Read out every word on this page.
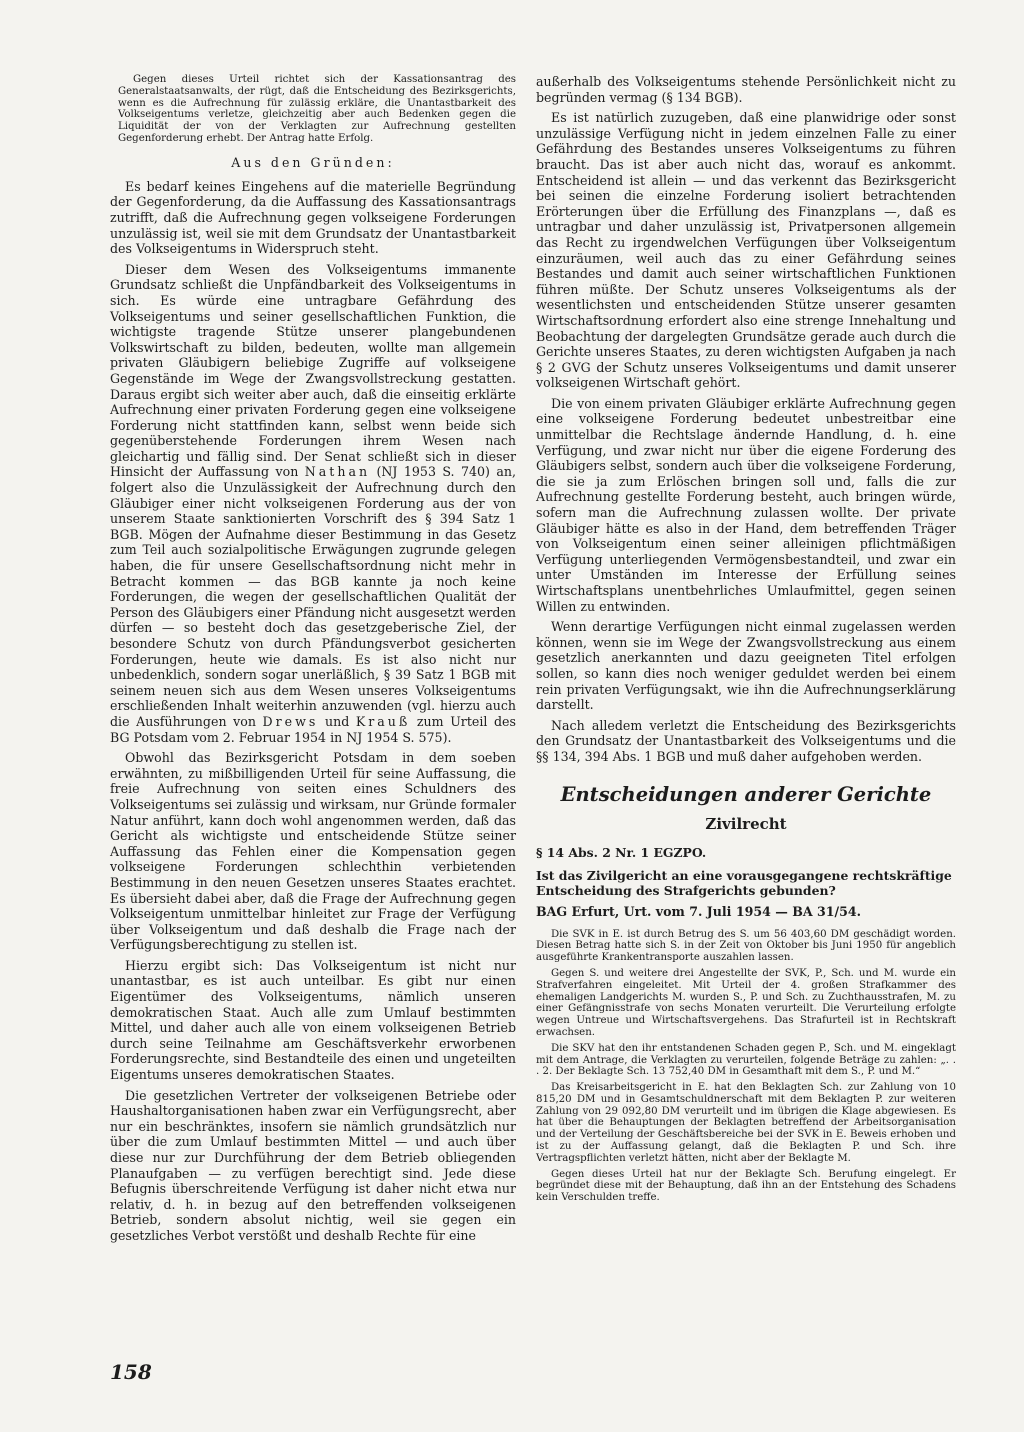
Gegen dieses Urteil richtet sich der Kassationsantrag des Generalstaatsanwalts, der rügt, daß die Entscheidung des Bezirksgerichts, wenn es die Aufrechnung für zulässig erkläre, die Unantastbarkeit des Volkseigentums verletze, gleichzeitig aber auch Bedenken gegen die Liquidität der von der Verklagten zur Aufrechnung gestellten Gegenforderung erhebt. Der Antrag hatte Erfolg.

Aus den Gründen:

Es bedarf keines Eingehens auf die materielle Begründung der Gegenforderung, da die Auffassung des Kassationsantrags zutrifft, daß die Aufrechnung gegen volkseigene Forderungen unzulässig ist, weil sie mit dem Grundsatz der Unantastbarkeit des Volkseigentums in Widerspruch steht.

Dieser dem Wesen des Volkseigentums immanente Grundsatz schließt die Unpfändbarkeit des Volkseigentums in sich. Es würde eine untragbare Gefährdung des Volkseigentums und seiner gesellschaftlichen Funktion, die wichtigste tragende Stütze unserer plangebundenen Volkswirtschaft zu bilden, bedeuten, wollte man allgemein privaten Gläubigern beliebige Zugriffe auf volkseigene Gegenstände im Wege der Zwangsvollstreckung gestatten. Daraus ergibt sich weiter aber auch, daß die einseitig erklärte Aufrechnung einer privaten Forderung gegen eine volkseigene Forderung nicht stattfinden kann, selbst wenn beide sich gegenüberstehende Forderungen ihrem Wesen nach gleichartig und fällig sind. Der Senat schließt sich in dieser Hinsicht der Auffassung von Nathan (NJ 1953 S. 740) an, folgert also die Unzulässigkeit der Aufrechnung durch den Gläubiger einer nicht volkseigenen Forderung aus der von unserem Staate sanktionierten Vorschrift des § 394 Satz 1 BGB. Mögen der Aufnahme dieser Bestimmung in das Gesetz zum Teil auch sozialpolitische Erwägungen zugrunde gelegen haben, die für unsere Gesellschaftsordnung nicht mehr in Betracht kommen — das BGB kannte ja noch keine Forderungen, die wegen der gesellschaftlichen Qualität der Person des Gläubigers einer Pfändung nicht ausgesetzt werden dürfen — so besteht doch das gesetzgeberische Ziel, der besondere Schutz von durch Pfändungsverbot gesicherten Forderungen, heute wie damals. Es ist also nicht nur unbedenklich, sondern sogar unerläßlich, § 39 Satz 1 BGB mit seinem neuen sich aus dem Wesen unseres Volkseigentums erschließenden Inhalt weiterhin anzuwenden (vgl. hierzu auch die Ausführungen von Drews und Krauß zum Urteil des BG Potsdam vom 2. Februar 1954 in NJ 1954 S. 575).

Obwohl das Bezirksgericht Potsdam in dem soeben erwähnten, zu mißbilligenden Urteil für seine Auffassung, die freie Aufrechnung von seiten eines Schuldners des Volkseigentums sei zulässig und wirksam, nur Gründe formaler Natur anführt, kann doch wohl angenommen werden, daß das Gericht als wichtigste und entscheidende Stütze seiner Auffassung das Fehlen einer die Kompensation gegen volkseigene Forderungen schlechthin verbietenden Bestimmung in den neuen Gesetzen unseres Staates erachtet. Es übersieht dabei aber, daß die Frage der Aufrechnung gegen Volkseigentum unmittelbar hinleitet zur Frage der Verfügung über Volkseigentum und daß deshalb die Frage nach der Verfügungsberechtigung zu stellen ist.

Hierzu ergibt sich: Das Volkseigentum ist nicht nur unantastbar, es ist auch unteilbar. Es gibt nur einen Eigentümer des Volkseigentums, nämlich unseren demokratischen Staat. Auch alle zum Umlauf bestimmten Mittel, und daher auch alle von einem volkseigenen Betrieb durch seine Teilnahme am Geschäftsverkehr erworbenen Forderungsrechte, sind Bestandteile des einen und ungeteilten Eigentums unseres demokratischen Staates.

Die gesetzlichen Vertreter der volkseigenen Betriebe oder Haushaltorganisationen haben zwar ein Verfügungsrecht, aber nur ein beschränktes, insofern sie nämlich grundsätzlich nur über die zum Umlauf bestimmten Mittel — und auch über diese nur zur Durchführung der dem Betrieb obliegenden Planaufgaben — zu verfügen berechtigt sind. Jede diese Befugnis überschreitende Verfügung ist daher nicht etwa nur relativ, d. h. in bezug auf den betreffenden volkseigenen Betrieb, sondern absolut nichtig, weil sie gegen ein gesetzliches Verbot verstößt und deshalb Rechte für eine

außerhalb des Volkseigentums stehende Persönlichkeit nicht zu begründen vermag (§ 134 BGB).

Es ist natürlich zuzugeben, daß eine planwidrige oder sonst unzulässige Verfügung nicht in jedem einzelnen Falle zu einer Gefährdung des Bestandes unseres Volkseigentums zu führen braucht. Das ist aber auch nicht das, worauf es ankommt. Entscheidend ist allein — und das verkennt das Bezirksgericht bei seinen die einzelne Forderung isoliert betrachtenden Erörterungen über die Erfüllung des Finanzplans —, daß es untragbar und daher unzulässig ist, Privatpersonen allgemein das Recht zu irgendwelchen Verfügungen über Volkseigentum einzuräumen, weil auch das zu einer Gefährdung seines Bestandes und damit auch seiner wirtschaftlichen Funktionen führen müßte. Der Schutz unseres Volkseigentums als der wesentlichsten und entscheidenden Stütze unserer gesamten Wirtschaftsordnung erfordert also eine strenge Innehaltung und Beobachtung der dargelegten Grundsätze gerade auch durch die Gerichte unseres Staates, zu deren wichtigsten Aufgaben ja nach § 2 GVG der Schutz unseres Volkseigentums und damit unserer volkseigenen Wirtschaft gehört.

Die von einem privaten Gläubiger erklärte Aufrechnung gegen eine volkseigene Forderung bedeutet unbestreitbar eine unmittelbar die Rechtslage ändernde Handlung, d. h. eine Verfügung, und zwar nicht nur über die eigene Forderung des Gläubigers selbst, sondern auch über die volkseigene Forderung, die sie ja zum Erlöschen bringen soll und, falls die zur Aufrechnung gestellte Forderung besteht, auch bringen würde, sofern man die Aufrechnung zulassen wollte. Der private Gläubiger hätte es also in der Hand, dem betreffenden Träger von Volkseigentum einen seiner alleinigen pflichtmäßigen Verfügung unterliegenden Vermögensbestandteil, und zwar ein unter Umständen im Interesse der Erfüllung seines Wirtschaftsplans unentbehrliches Umlaufmittel, gegen seinen Willen zu entwinden.

Wenn derartige Verfügungen nicht einmal zugelassen werden können, wenn sie im Wege der Zwangsvollstreckung aus einem gesetzlich anerkannten und dazu geeigneten Titel erfolgen sollen, so kann dies noch weniger geduldet werden bei einem rein privaten Verfügungsakt, wie ihn die Aufrechnungserklärung darstellt.

Nach alledem verletzt die Entscheidung des Bezirksgerichts den Grundsatz der Unantastbarkeit des Volkseigentums und die §§ 134, 394 Abs. 1 BGB und muß daher aufgehoben werden.

Entscheidungen anderer Gerichte
Zivilrecht
§ 14 Abs. 2 Nr. 1 EGZPO.
Ist das Zivilgericht an eine vorausgegangene rechtskräftige Entscheidung des Strafgerichts gebunden?
BAG Erfurt, Urt. vom 7. Juli 1954 — BA 31/54.

Die SVK in E. ist durch Betrug des S. um 56 403,60 DM geschädigt worden. Diesen Betrag hatte sich S. in der Zeit von Oktober bis Juni 1950 für angeblich ausgeführte Krankentransporte auszahlen lassen.

Gegen S. und weitere drei Angestellte der SVK, P., Sch. und M. wurde ein Strafverfahren eingeleitet. Mit Urteil der 4. großen Strafkammer des ehemaligen Landgerichts M. wurden S., P. und Sch. zu Zuchthausstrafen, M. zu einer Gefängnisstrafe von sechs Monaten verurteilt. Die Verurteilung erfolgte wegen Untreue und Wirtschaftsvergehens. Das Strafurteil ist in Rechtskraft erwachsen.

Die SKV hat den ihr entstandenen Schaden gegen P., Sch. und M. eingeklagt mit dem Antrage, die Verklagten zu verurteilen, folgende Beträge zu zahlen: „. . . 2. Der Beklagte Sch. 13 752,40 DM in Gesamthaft mit dem S., P. und M.“

Das Kreisarbeitsgericht in E. hat den Beklagten Sch. zur Zahlung von 10 815,20 DM und in Gesamtschuldnerschaft mit dem Beklagten P. zur weiteren Zahlung von 29 092,80 DM verurteilt und im übrigen die Klage abgewiesen. Es hat über die Behauptungen der Beklagten betreffend der Arbeitsorganisation und der Verteilung der Geschäftsbereiche bei der SVK in E. Beweis erhoben und ist zu der Auffassung gelangt, daß die Beklagten P. und Sch. ihre Vertragspflichten verletzt hätten, nicht aber der Beklagte M.

Gegen dieses Urteil hat nur der Beklagte Sch. Berufung eingelegt. Er begründet diese mit der Behauptung, daß ihn an der Entstehung des Schadens kein Verschulden treffe.

158
